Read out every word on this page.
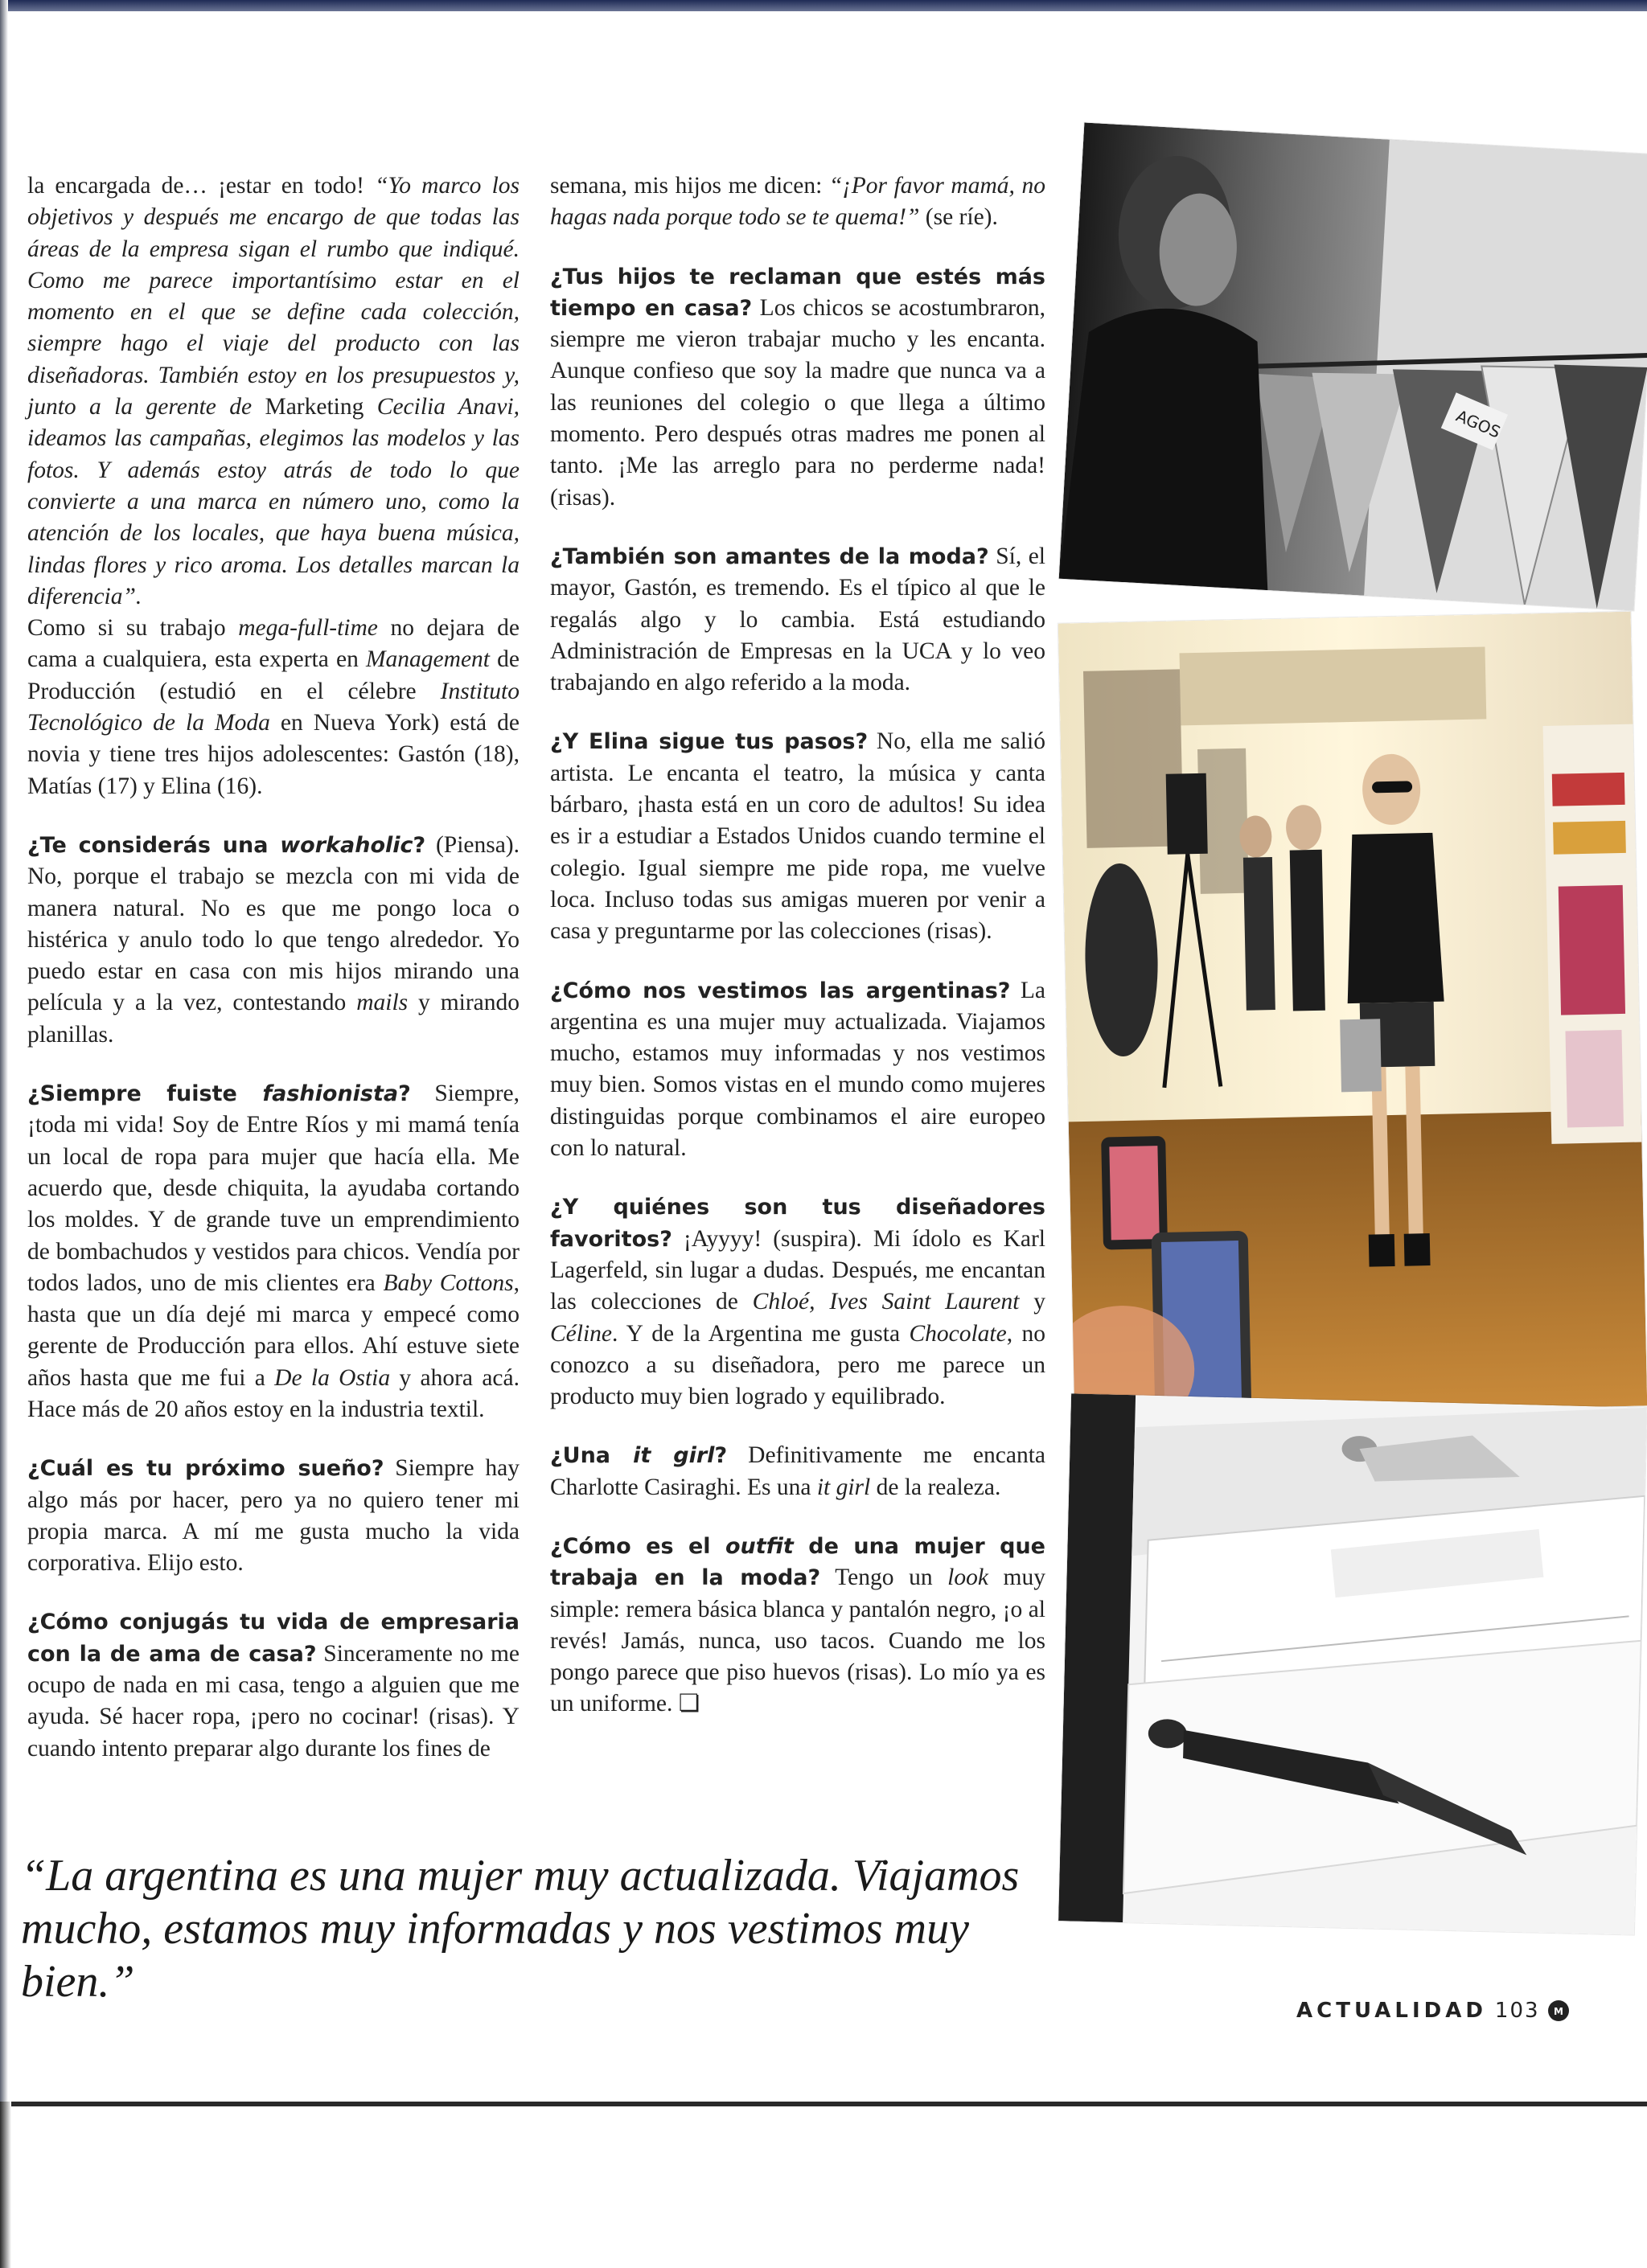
la encargada de… ¡estar en todo! “Yo marco los objetivos y después me encargo de que todas las áreas de la empresa sigan el rumbo que indiqué. Como me parece importantísimo estar en el momento en el que se define cada colección, siempre hago el viaje del producto con las diseñadoras. También estoy en los presupuestos y, junto a la gerente de Marketing Cecilia Anavi, ideamos las campañas, elegimos las modelos y las fotos. Y además estoy atrás de todo lo que convierte a una marca en número uno, como la atención de los locales, que haya buena música, lindas flores y rico aroma. Los detalles marcan la diferencia”.
Como si su trabajo mega-full-time no dejara de cama a cualquiera, esta experta en Management de Producción (estudió en el célebre Instituto Tecnológico de la Moda en Nueva York) está de novia y tiene tres hijos adolescentes: Gastón (18), Matías (17) y Elina (16).

¿Te considerás una workaholic? (Piensa). No, porque el trabajo se mezcla con mi vida de manera natural. No es que me pongo loca o histérica y anulo todo lo que tengo alrededor. Yo puedo estar en casa con mis hijos mirando una película y a la vez, contestando mails y mirando planillas.

¿Siempre fuiste fashionista? Siempre, ¡toda mi vida! Soy de Entre Ríos y mi mamá tenía un local de ropa para mujer que hacía ella. Me acuerdo que, desde chiquita, la ayudaba cortando los moldes. Y de grande tuve un emprendimiento de bombachudos y vestidos para chicos. Vendía por todos lados, uno de mis clientes era Baby Cottons, hasta que un día dejé mi marca y empecé como gerente de Producción para ellos. Ahí estuve siete años hasta que me fui a De la Ostia y ahora acá. Hace más de 20 años estoy en la industria textil.

¿Cuál es tu próximo sueño? Siempre hay algo más por hacer, pero ya no quiero tener mi propia marca. A mí me gusta mucho la vida corporativa. Elijo esto.

¿Cómo conjugás tu vida de empresaria con la de ama de casa? Sinceramente no me ocupo de nada en mi casa, tengo a alguien que me ayuda. Sé hacer ropa, ¡pero no cocinar! (risas). Y cuando intento preparar algo durante los fines de

semana, mis hijos me dicen: “¡Por favor mamá, no hagas nada porque todo se te quema!” (se ríe).

¿Tus hijos te reclaman que estés más tiempo en casa? Los chicos se acostumbraron, siempre me vieron trabajar mucho y les encanta. Aunque confieso que soy la madre que nunca va a las reuniones del colegio o que llega a último momento. Pero después otras madres me ponen al tanto. ¡Me las arreglo para no perderme nada! (risas).

¿También son amantes de la moda? Sí, el mayor, Gastón, es tremendo. Es el típico al que le regalás algo y lo cambia. Está estudiando Administración de Empresas en la UCA y lo veo trabajando en algo referido a la moda.

¿Y Elina sigue tus pasos? No, ella me salió artista. Le encanta el teatro, la música y canta bárbaro, ¡hasta está en un coro de adultos! Su idea es ir a estudiar a Estados Unidos cuando termine el colegio. Igual siempre me pide ropa, me vuelve loca. Incluso todas sus amigas mueren por venir a casa y preguntarme por las colecciones (risas).

¿Cómo nos vestimos las argentinas? La argentina es una mujer muy actualizada. Viajamos mucho, estamos muy informadas y nos vestimos muy bien. Somos vistas en el mundo como mujeres distinguidas porque combinamos el aire europeo con lo natural.

¿Y quiénes son tus diseñadores favoritos? ¡Ayyyy! (suspira). Mi ídolo es Karl Lagerfeld, sin lugar a dudas. Después, me encantan las colecciones de Chloé, Ives Saint Laurent y Céline. Y de la Argentina me gusta Chocolate, no conozco a su diseñadora, pero me parece un producto muy bien logrado y equilibrado.

¿Una it girl? Definitivamente me encanta Charlotte Casiraghi. Es una it girl de la realeza.

¿Cómo es el outfit de una mujer que trabaja en la moda? Tengo un look muy simple: remera básica blanca y pantalón negro, ¡o al revés! Jamás, nunca, uso tacos. Cuando me los pongo parece que piso huevos (risas). Lo mío ya es un uniforme. ❏

“La argentina es una mujer muy actualizada. Viajamos mucho, estamos muy informadas y nos vestimos muy bien.”
AGOS
ACTUALIDAD 103 M
